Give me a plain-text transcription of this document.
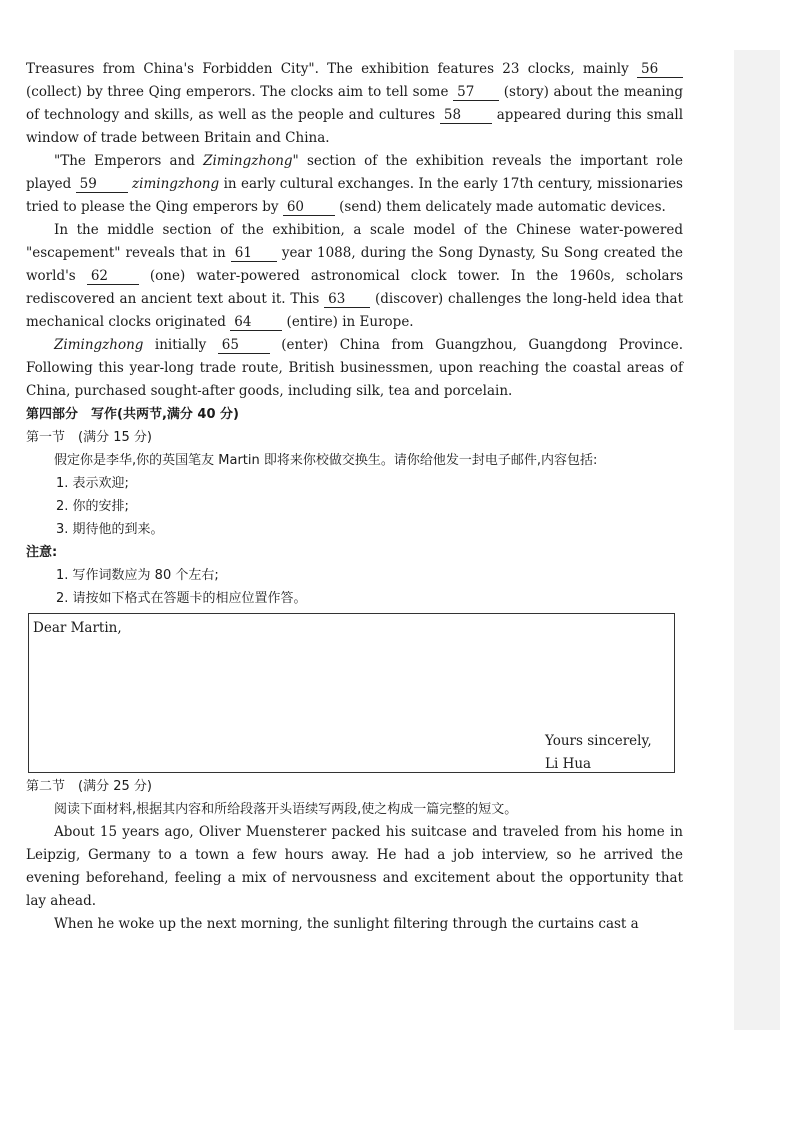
Treasures from China's Forbidden City". The exhibition features 23 clocks, mainly 56 (collect) by three Qing emperors. The clocks aim to tell some 57 (story) about the meaning of technology and skills, as well as the people and cultures 58	appeared during this small window of trade between Britain and China.

"The Emperors and Zimingzhong" section of the exhibition reveals the important role played 59	zimingzhong in early cultural exchanges. In the early 17th century, missionaries tried to please the Qing emperors by 60	(send) them delicately made automatic devices.

In the middle section of the exhibition, a scale model of the Chinese water-powered "escapement" reveals that in 61 year 1088, during the Song Dynasty, Su Song created the world's 62	(one) water-powered astronomical clock tower. In the 1960s, scholars rediscovered an ancient text about it. This 63 (discover) challenges the long-held idea that mechanical clocks originated 64	(entire) in Europe.

Zimingzhong initially 65	(enter) China from Guangzhou, Guangdong Province. Following this year-long trade route, British businessmen, upon reaching the coastal areas of China, purchased sought-after goods, including silk, tea and porcelain.

第四部分　写作(共两节,满分 40 分)

第一节　(满分 15 分)

假定你是李华,你的英国笔友 Martin 即将来你校做交换生。请你给他发一封电子邮件,内容包括:

1. 表示欢迎;

2. 你的安排;

3. 期待他的到来。

注意:

1. 写作词数应为 80 个左右;

2. 请按如下格式在答题卡的相应位置作答。

Dear Martin,
Yours sincerely,
Li Hua

第二节　(满分 25 分)

阅读下面材料,根据其内容和所给段落开头语续写两段,使之构成一篇完整的短文。

About 15 years ago, Oliver Muensterer packed his suitcase and traveled from his home in Leipzig, Germany to a town a few hours away. He had a job interview, so he arrived the evening beforehand, feeling a mix of nervousness and excitement about the opportunity that lay ahead.

When he woke up the next morning, the sunlight filtering through the curtains cast a
